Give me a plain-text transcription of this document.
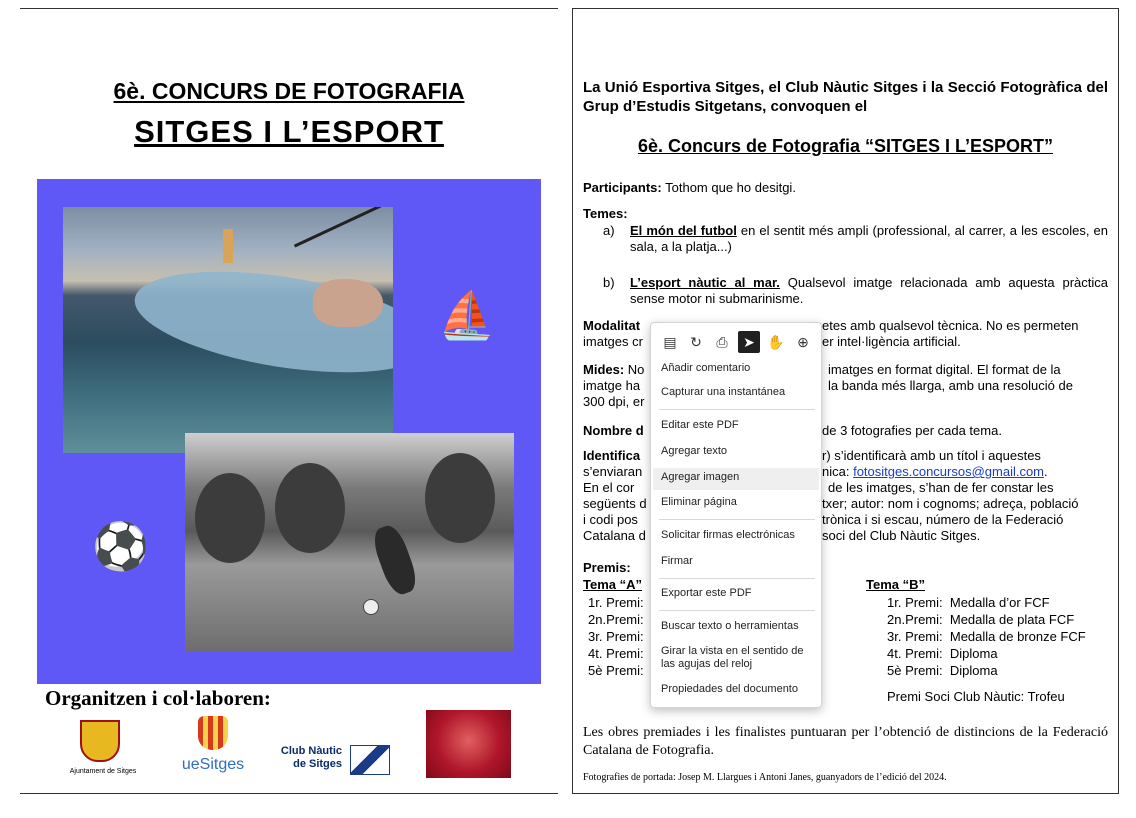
6è. CONCURS DE FOTOGRAFIA
SITGES I L’ESPORT
⛵
⚽
Organitzen i col·laboren:
Ajuntament de Sitges	ueSitges
Club Nàutic
de Sitges
La Unió Esportiva Sitges, el Club Nàutic Sitges i la Secció Fotogràfica del Grup d’Estudis Sitgetans, convoquen el
6è. Concurs de Fotografia “SITGES I L’ESPORT”
Participants: Tothom que ho desitgi.
Temes:
a)	El món del futbol en el sentit més ampli (professional, al carrer, a les escoles, en sala, a la platja...)
b)	L’esport nàutic al mar. Qualsevol imatge relacionada amb aquesta pràctica sense motor ni submarinisme.
Modalitat	etes amb qualsevol tècnica. No es permeten
imatges cr	er intel·ligència artificial.
Mides: No	imatges en format digital. El format de la
imatge ha	la banda més llarga, amb una resolució de
300 dpi, er
Nombre d	de 3 fotografies per cada tema.
Identifica	r) s’identificarà amb un títol i aquestes
s’enviaran	nica: fotositges.concursos@gmail.com.
En el cor	de les imatges, s’han de fer constar les
següents d	txer; autor: nom i cognoms; adreça, població
i codi pos	trònica i si escau, número de la Federació
Catalana d	soci del Club Nàutic Sitges.
Premis:
Tema “A”
1r. Premi:
2n.Premi:
3r. Premi:
4t. Premi:
5è Premi:
Tema “B”
1r. Premi: Medalla d’or FCF
2n.Premi: Medalla de plata FCF
3r. Premi: Medalla de bronze FCF
4t. Premi: Diploma
5è Premi: Diploma
Premi Soci Club Nàutic: Trofeu
Les obres premiades i les finalistes puntuaran per l’obtenció de distincions de la Federació Catalana de Fotografia.
Fotografies de portada: Josep M. Llargues i Antoni Janes, guanyadors de l’edició del 2024.
▤ ↻	⎙	➤ ✋ ⊕
Añadir comentario
Capturar una instantánea
Editar este PDF
Agregar texto
Agregar imagen
Eliminar página
Solicitar firmas electrónicas
Firmar
Exportar este PDF
Buscar texto o herramientas
Girar la vista en el sentido de las agujas del reloj
Propiedades del documento
